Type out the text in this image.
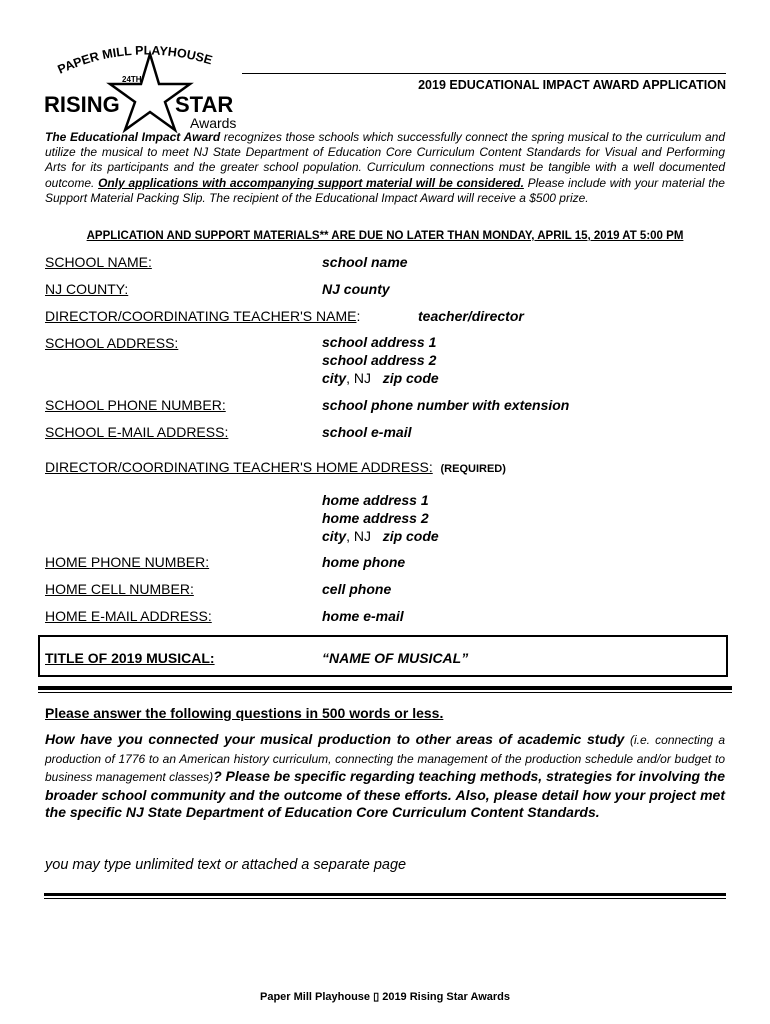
PAPER MILL PLAYHOUSE
24TH
RISING	STAR
Awards
2019 EDUCATIONAL IMPACT AWARD APPLICATION
The Educational Impact Award recognizes those schools which successfully connect the spring musical to the curriculum and utilize the musical to meet NJ State Department of Education Core Curriculum Content Standards for Visual and Performing Arts for its participants and the greater school population. Curriculum connections must be tangible with a well documented outcome. Only applications with accompanying support material will be considered. Please include with your material the Support Material Packing Slip. The recipient of the Educational Impact Award will receive a $500 prize.
APPLICATION AND SUPPORT MATERIALS** ARE DUE NO LATER THAN MONDAY, APRIL 15, 2019 AT 5:00 PM
SCHOOL NAME:	school name
NJ COUNTY:	NJ county
DIRECTOR/COORDINATING TEACHER'S NAME:	teacher/director
SCHOOL ADDRESS:	school address 1
school address 2
city, NJ zip code
SCHOOL PHONE NUMBER:	school phone number with extension
SCHOOL E-MAIL ADDRESS:	school e-mail
DIRECTOR/COORDINATING TEACHER'S HOME ADDRESS: (REQUIRED)
home address 1
home address 2
city, NJ zip code
HOME PHONE NUMBER:	home phone
HOME CELL NUMBER:	cell phone
HOME E-MAIL ADDRESS:	home e-mail
TITLE OF 2019 MUSICAL:	“NAME OF MUSICAL”
Please answer the following questions in 500 words or less.
How have you connected your musical production to other areas of academic study (i.e. connecting a production of 1776 to an American history curriculum, connecting the management of the production schedule and/or budget to business management classes)? Please be specific regarding teaching methods, strategies for involving the broader school community and the outcome of these efforts. Also, please detail how your project met the specific NJ State Department of Education Core Curriculum Content Standards.
you may type unlimited text or attached a separate page
Paper Mill Playhouse ▯ 2019 Rising Star Awards
